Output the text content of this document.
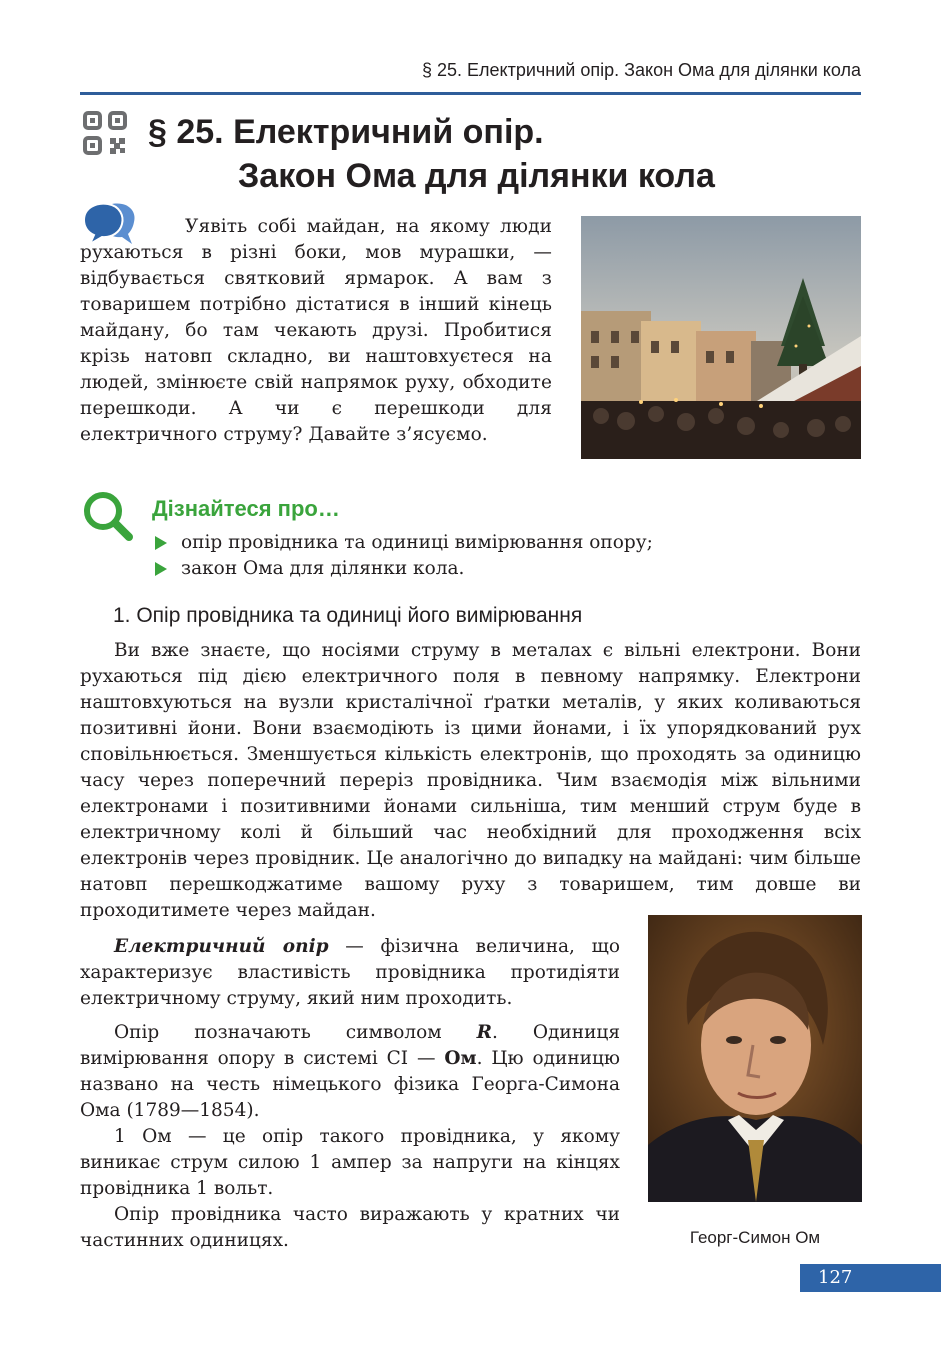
§ 25. Електричний опір. Закон Ома для ділянки кола
§ 25. Електричний опір.
Закон Ома для ділянки кола
Уявіть собі майдан, на якому люди рухаються в різні боки, мов мурашки, — відбувається святковий ярмарок. А вам з товаришем потрібно дістатися в інший кінець майдану, бо там чекають друзі. Пробитися крізь натовп складно, ви наштовхуєтеся на людей, змінюєте свій напрямок руху, обходите перешкоди. А чи є перешкоди для електричного струму? Давайте з’ясуємо.
Дізнайтеся про…
опір провідника та одиниці вимірювання опору;
закон Ома для ділянки кола.
1. Опір провідника та одиниці його вимірювання

Ви вже знаєте, що носіями струму в металах є вільні електрони. Вони рухаються під дією електричного поля в певному напрямку. Електрони наштовхуються на вузли кристалічної ґратки металів, у яких коливаються позитивні йони. Вони взаємодіють із цими йонами, і їх упорядкований рух сповільнюється. Зменшується кількість електронів, що проходять за одиницю часу через поперечний переріз провідника. Чим взаємодія між вільними електронами і позитивними йонами сильніша, тим менший струм буде в електричному колі й більший час необхідний для проходження всіх електронів через провідник. Це аналогічно до випадку на майдані: чим більше натовп перешкоджатиме вашому руху з товаришем, тим довше ви проходитимете через майдан.

Електричний опір — фізична величина, що характеризує властивість провідника протидіяти електричному струму, який ним проходить.

Опір позначають символом R. Одиниця вимірювання опору в системі СІ — Ом. Цю одиницю названо на честь німецького фізика Георга-Симона Ома (1789—1854).

1 Ом — це опір такого провідника, у якому виникає струм силою 1 ампер за напруги на кінцях провідника 1 вольт.

Опір провідника часто виражають у кратних чи частинних одиницях.	Георг-Симон Ом
127
